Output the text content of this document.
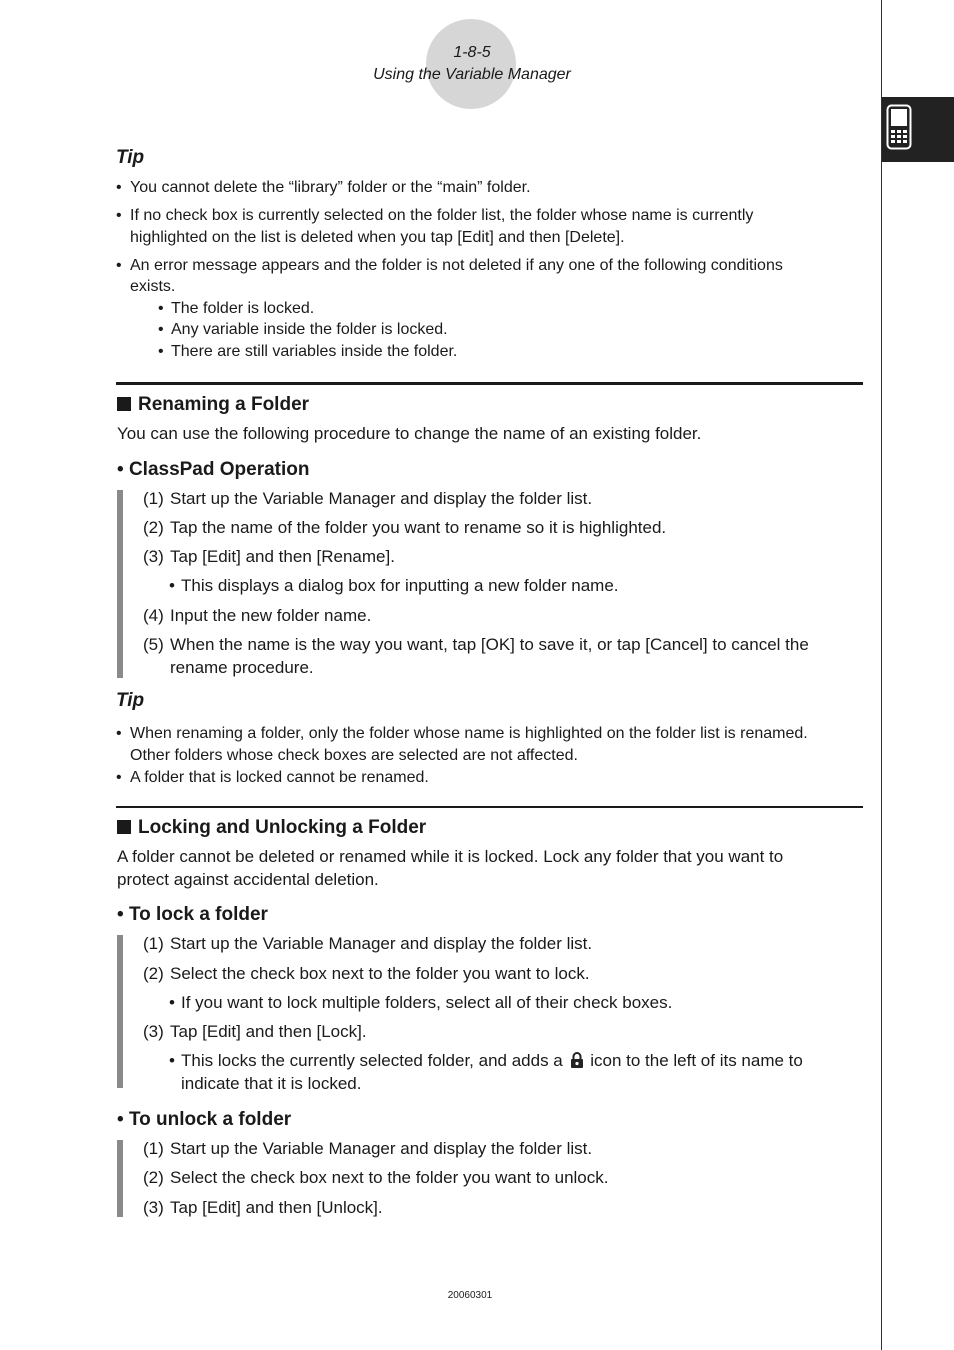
1-8-5
Using the Variable Manager
Tip
• You cannot delete the “library” folder or the “main” folder.
• If no check box is currently selected on the folder list, the folder whose name is currently
highlighted on the list is deleted when you tap [Edit] and then [Delete].
• An error message appears and the folder is not deleted if any one of the following conditions
exists.
• The folder is locked.
• Any variable inside the folder is locked.
• There are still variables inside the folder.
Renaming a Folder
You can use the following procedure to change the name of an existing folder.
• ClassPad Operation
(1) Start up the Variable Manager and display the folder list.
(2) Tap the name of the folder you want to rename so it is highlighted.
(3) Tap [Edit] and then [Rename].
• This displays a dialog box for inputting a new folder name.
(4) Input the new folder name.
(5) When the name is the way you want, tap [OK] to save it, or tap [Cancel] to cancel the
rename procedure.
Tip
• When renaming a folder, only the folder whose name is highlighted on the folder list is renamed.
Other folders whose check boxes are selected are not affected.
• A folder that is locked cannot be renamed.
Locking and Unlocking a Folder
A folder cannot be deleted or renamed while it is locked. Lock any folder that you want to
protect against accidental deletion.
• To lock a folder
(1) Start up the Variable Manager and display the folder list.
(2) Select the check box next to the folder you want to lock.
• If you want to lock multiple folders, select all of their check boxes.
(3) Tap [Edit] and then [Lock].
• This locks the currently selected folder, and adds a icon to the left of its name to
indicate that it is locked.
• To unlock a folder
(1) Start up the Variable Manager and display the folder list.
(2) Select the check box next to the folder you want to unlock.
(3) Tap [Edit] and then [Unlock].
20060301
